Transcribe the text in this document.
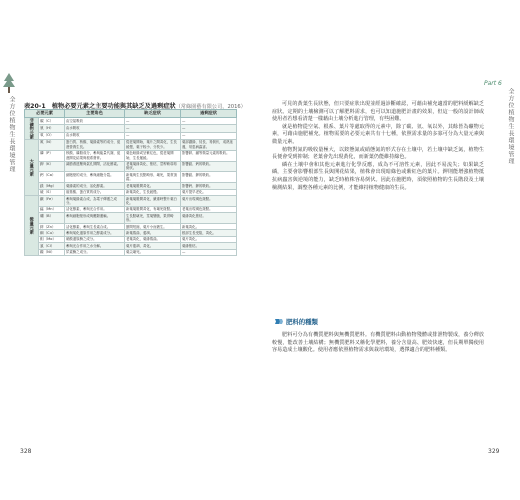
全方位植物生長環境管理 表20-1　植物必要元素之主要功能與其缺乏及過剩症狀（常綠園藝有限公司，2016）
必要元素		主要角色	缺乏症狀	過剩症狀
非礦物元素	碳（C）	由空氣吸收	—	—
	氫（H）	由水吸收	—	—
	氧（O）	由水吸收	—	—
大量元素	氮（N）	蛋白質、核酸、葉綠素等的成分，促進營養生長。	從老葉開始，葉片之間黃化，生長緩慢，葉子較小、分枝少。	葉部濃綠、徒長、易倒伏，成熟延遲，易患病蟲害。
	磷（P）	核酸、磷脂成分，參與能量代謝，促進開花結果與根系發育。	葉色暗綠或呈紫紅色，從老葉開始，生長遲緩。	影響鋅、鐵等微量元素的吸收。
	鉀（K）	調節滲透壓與氣孔開閉，活化酵素。	老葉葉緣黃化、焦枯，莖稈軟弱易倒伏。	影響鎂、鈣的吸收。
	鈣（Ca）	細胞壁的成分，參與細胞分裂。	新葉與生長點畸形、壞死，果實頂腐。	影響鎂、鉀的吸收。
	鎂（Mg）	葉綠素的成分，活化酵素。	老葉葉脈間黃化。	影響鈣、鉀的吸收。
	硫（S）	胺基酸、蛋白質的成分。	新葉黃化，生長緩慢。	葉片提早老化。
微量元素	鐵（Fe）	參與葉綠素合成，為電子傳遞之成分。	新葉葉脈間黃化，嚴重時整片葉白化。	葉片出現褐色斑點。
	錳（Mn）	活化酵素，參與光合作用。	新葉葉脈間黃化，有壞死斑點。	老葉出現褐色斑點。
	硼（B）	參與細胞壁形成與醣類運輸。	生長點壞死，莖葉變脆，果實畸形。	葉緣黃化焦枯。
	鋅（Zn）	活化酵素，參與生長素合成。	節間短縮，葉片小而叢生。	新葉黃化。
	銅（Cu）	參與氧化還原作用之酵素成分。	新葉捲曲、萎凋。	根部生長受阻，黃化。
	鉬（Mo）	硝酸還原酶之成分。	老葉黃化，葉緣捲曲。	葉片黃化。
	氯（Cl）	參與光合作用之水分解。	葉片萎凋、黃化。	葉緣焦枯。
	鎳（Ni）	尿素酶之成分。	葉尖壞死。	—
328
Part 6
全方位植物生長環境管理

可見的黃葉生長狀態，但只要症狀出現並經過診斷確認，可藉由補充適當的肥料緩解缺乏症狀。定期的土壤檢測可以了解肥料需求，也可以知道施肥計畫的效果，但這一般的設計師或使用者若想看清楚一樣藉由土壤分析進行管理，有些困難。

就是植物從空氣、根系、葉片等處取得的元素中，除了碳、氫、氧以外，其餘皆為礦物元素，可藉由施肥補充。植物需要的必要元素共有十七種，依照需求量的多寡可分為大量元素與微量元素。

植物對氮的吸收量極大，以銨態氮或硝態氮的形式存在土壤中，若土壤中缺乏氮，植物生長便會受到抑制；老葉會先出現黃化，而新葉仍能維持綠色。

磷在土壤中會和其他元素進行化學反應，成為不可溶性元素，因此不易流失；如果缺乏磷，主要會影響根部生長與開花結果，植株會出現暗綠色或紫紅色的葉片。鉀則能增強植物抵抗病蟲害與逆境的能力，缺乏時植株容易倒伏。因此在施肥時，須依照植物的生長階段及土壤檢測結果，調整各種元素的比例，才能維持植物健康的生長。

肥料的種類

肥料可分為有機質肥料與無機質肥料。有機質肥料由動植物殘體或排泄物製成，養分釋放較慢，能改善土壤結構；無機質肥料又稱化學肥料，養分含量高、肥效快速，但長期單獨使用容易造成土壤酸化。使用者應依照植物需求與栽培環境，選擇適合的肥料種類。

329
